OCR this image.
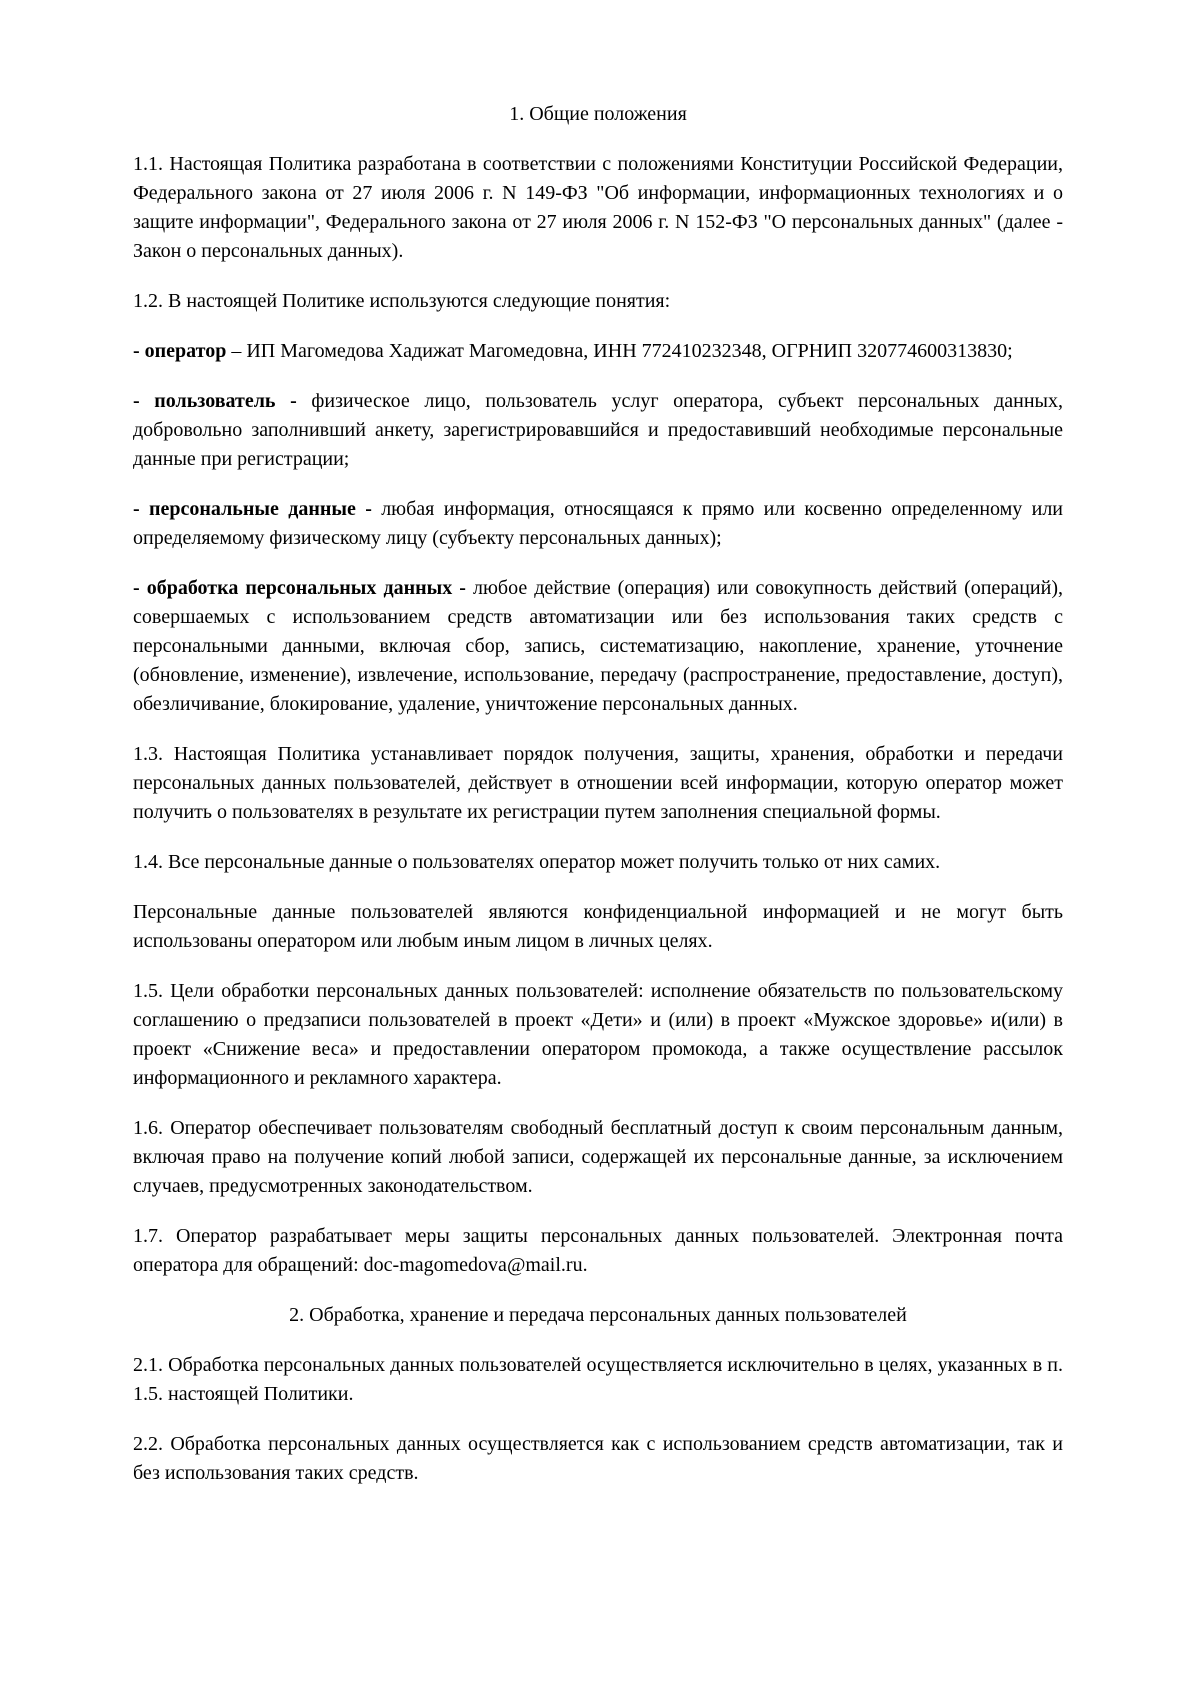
1. Общие положения

1.1. Настоящая Политика разработана в соответствии с положениями Конституции Российской Федерации, Федерального закона от 27 июля 2006 г. N 149-ФЗ "Об информации, информационных технологиях и о защите информации", Федерального закона от 27 июля 2006 г. N 152-ФЗ "О персональных данных" (далее - Закон о персональных данных).

1.2. В настоящей Политике используются следующие понятия:

- оператор – ИП Магомедова Хадижат Магомедовна, ИНН 772410232348, ОГРНИП 320774600313830;

- пользователь - физическое лицо, пользователь услуг оператора, субъект персональных данных, добровольно заполнивший анкету, зарегистрировавшийся и предоставивший необходимые персональные данные при регистрации;

- персональные данные - любая информация, относящаяся к прямо или косвенно определенному или определяемому физическому лицу (субъекту персональных данных);

- обработка персональных данных - любое действие (операция) или совокупность действий (операций), совершаемых с использованием средств автоматизации или без использования таких средств с персональными данными, включая сбор, запись, систематизацию, накопление, хранение, уточнение (обновление, изменение), извлечение, использование, передачу (распространение, предоставление, доступ), обезличивание, блокирование, удаление, уничтожение персональных данных.

1.3. Настоящая Политика устанавливает порядок получения, защиты, хранения, обработки и передачи персональных данных пользователей, действует в отношении всей информации, которую оператор может получить о пользователях в результате их регистрации путем заполнения специальной формы.

1.4. Все персональные данные о пользователях оператор может получить только от них самих.

Персональные данные пользователей являются конфиденциальной информацией и не могут быть использованы оператором или любым иным лицом в личных целях.

1.5. Цели обработки персональных данных пользователей: исполнение обязательств по пользовательскому соглашению о предзаписи пользователей в проект «Дети» и (или) в проект «Мужское здоровье» и(или) в проект «Снижение веса» и предоставлении оператором промокода, а также осуществление рассылок информационного и рекламного характера.

1.6. Оператор обеспечивает пользователям свободный бесплатный доступ к своим персональным данным, включая право на получение копий любой записи, содержащей их персональные данные, за исключением случаев, предусмотренных законодательством.

1.7. Оператор разрабатывает меры защиты персональных данных пользователей. Электронная почта оператора для обращений: doc-magomedova@mail.ru.

2. Обработка, хранение и передача персональных данных пользователей

2.1. Обработка персональных данных пользователей осуществляется исключительно в целях, указанных в п. 1.5. настоящей Политики.

2.2. Обработка персональных данных осуществляется как с использованием средств автоматизации, так и без использования таких средств.
